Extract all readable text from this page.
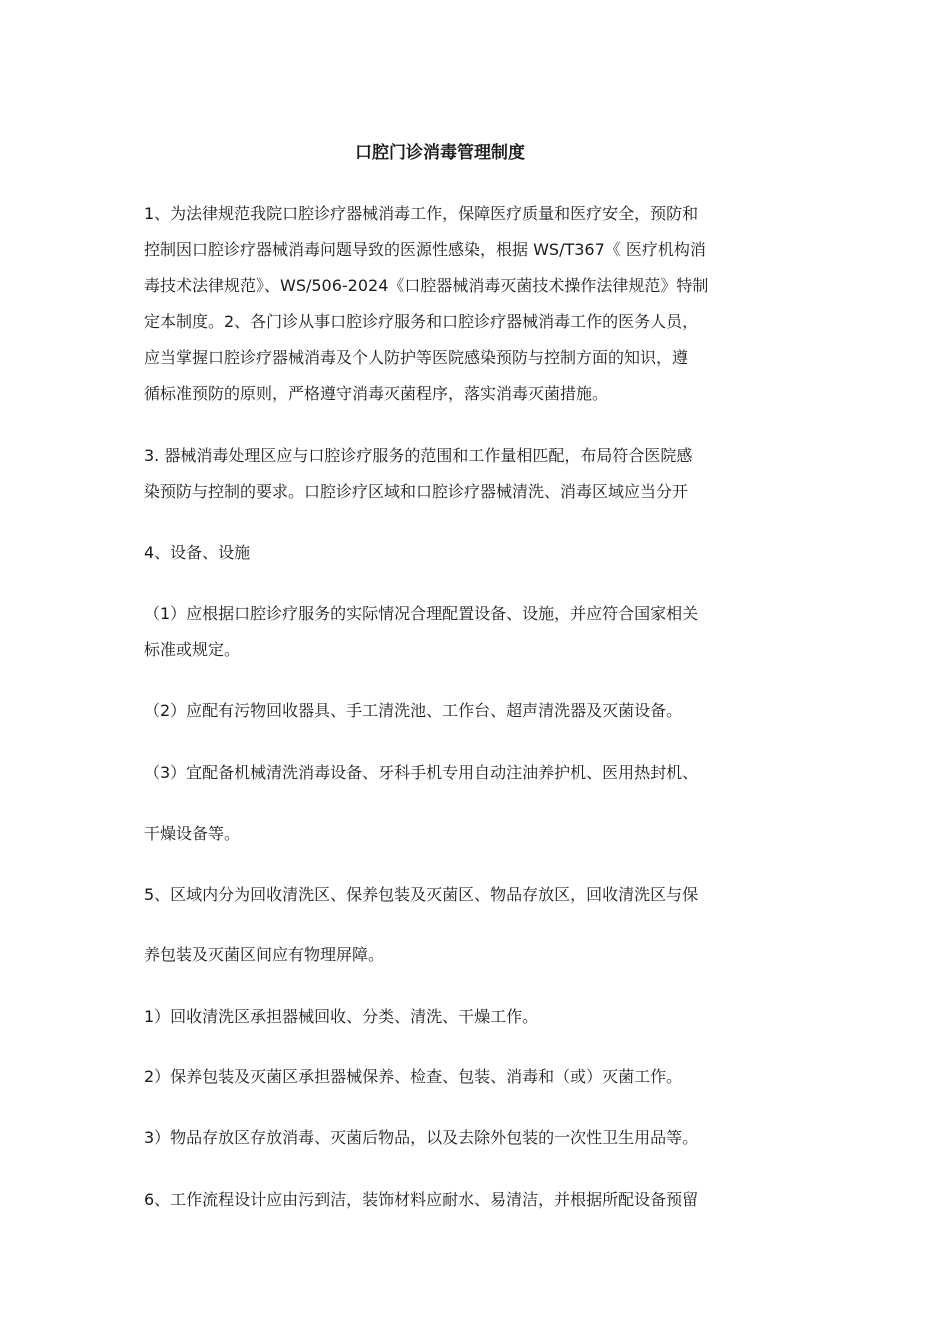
口腔门诊消毒管理制度
1、为法律规范我院口腔诊疗器械消毒工作，保障医疗质量和医疗安全，预防和
控制因口腔诊疗器械消毒问题导致的医源性感染，根据 WS/T367《 医疗机构消
毒技术法律规范》、WS/506-2024《口腔器械消毒灭菌技术操作法律规范》特制
定本制度。2、各门诊从事口腔诊疗服务和口腔诊疗器械消毒工作的医务人员，
应当掌握口腔诊疗器械消毒及个人防护等医院感染预防与控制方面的知识，遵
循标准预防的原则，严格遵守消毒灭菌程序，落实消毒灭菌措施。
3. 器械消毒处理区应与口腔诊疗服务的范围和工作量相匹配，布局符合医院感
染预防与控制的要求。口腔诊疗区域和口腔诊疗器械清洗、消毒区域应当分开
4、设备、设施
（1）应根据口腔诊疗服务的实际情况合理配置设备、设施，并应符合国家相关
标准或规定。
（2）应配有污物回收器具、手工清洗池、工作台、超声清洗器及灭菌设备。
（3）宜配备机械清洗消毒设备、牙科手机专用自动注油养护机、医用热封机、
干燥设备等。
5、区域内分为回收清洗区、保养包装及灭菌区、物品存放区，回收清洗区与保
养包装及灭菌区间应有物理屏障。
1）回收清洗区承担器械回收、分类、清洗、干燥工作。
2）保养包装及灭菌区承担器械保养、检查、包装、消毒和（或）灭菌工作。
3）物品存放区存放消毒、灭菌后物品，以及去除外包装的一次性卫生用品等。
6、工作流程设计应由污到洁，装饰材料应耐水、易清洁，并根据所配设备预留
